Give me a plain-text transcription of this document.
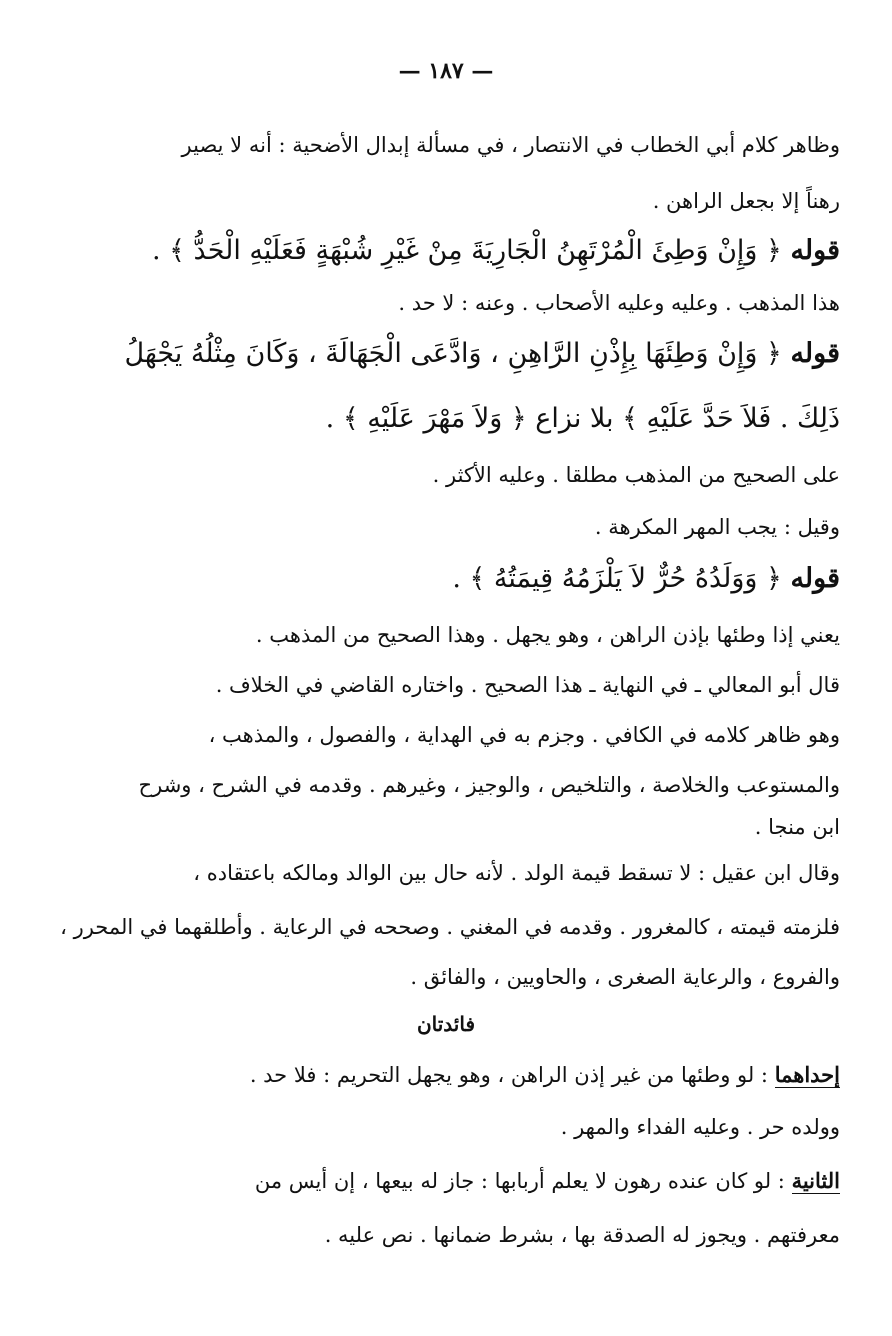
— ١٨٧ —
وظاهر كلام أبي الخطاب في الانتصار ، في مسألة إبدال الأضحية : أنه لا يصير
رهناً إلا بجعل الراهن .
قوله ﴿ وَإِنْ وَطِئَ الْمُرْتَهِنُ الْجَارِيَةَ مِنْ غَيْرِ شُبْهَةٍ فَعَلَيْهِ الْحَدُّ ﴾ .
هذا المذهب . وعليه وعليه الأصحاب . وعنه : لا حد .
قوله ﴿ وَإِنْ وَطِئَهَا بِإِذْنِ الرَّاهِنِ ، وَادَّعَى الْجَهَالَةَ ، وَكَانَ مِثْلُهُ يَجْهَلُ
ذَلِكَ . فَلاَ حَدَّ عَلَيْهِ ﴾ بلا نزاع ﴿ وَلاَ مَهْرَ عَلَيْهِ ﴾ .
على الصحيح من المذهب مطلقا . وعليه الأكثر .
وقيل : يجب المهر المكرهة .
قوله ﴿ وَوَلَدُهُ حُرٌّ لاَ يَلْزَمُهُ قِيمَتُهُ ﴾ .
يعني إذا وطئها بإذن الراهن ، وهو يجهل . وهذا الصحيح من المذهب .
قال أبو المعالي ـ في النهاية ـ هذا الصحيح . واختاره القاضي في الخلاف .
وهو ظاهر كلامه في الكافي . وجزم به في الهداية ، والفصول ، والمذهب ،
والمستوعب والخلاصة ، والتلخيص ، والوجيز ، وغيرهم . وقدمه في الشرح ، وشرح
ابن منجا .
وقال ابن عقيل : لا تسقط قيمة الولد . لأنه حال بين الوالد ومالكه باعتقاده ،
فلزمته قيمته ، كالمغرور . وقدمه في المغني . وصححه في الرعاية . وأطلقهما في المحرر ،
والفروع ، والرعاية الصغرى ، والحاويين ، والفائق .
فائدتان
إحداهما : لو وطئها من غير إذن الراهن ، وهو يجهل التحريم : فلا حد .
وولده حر . وعليه الفداء والمهر .
الثانية : لو كان عنده رهون لا يعلم أربابها : جاز له بيعها ، إن أيس من
معرفتهم . ويجوز له الصدقة بها ، بشرط ضمانها . نص عليه .
